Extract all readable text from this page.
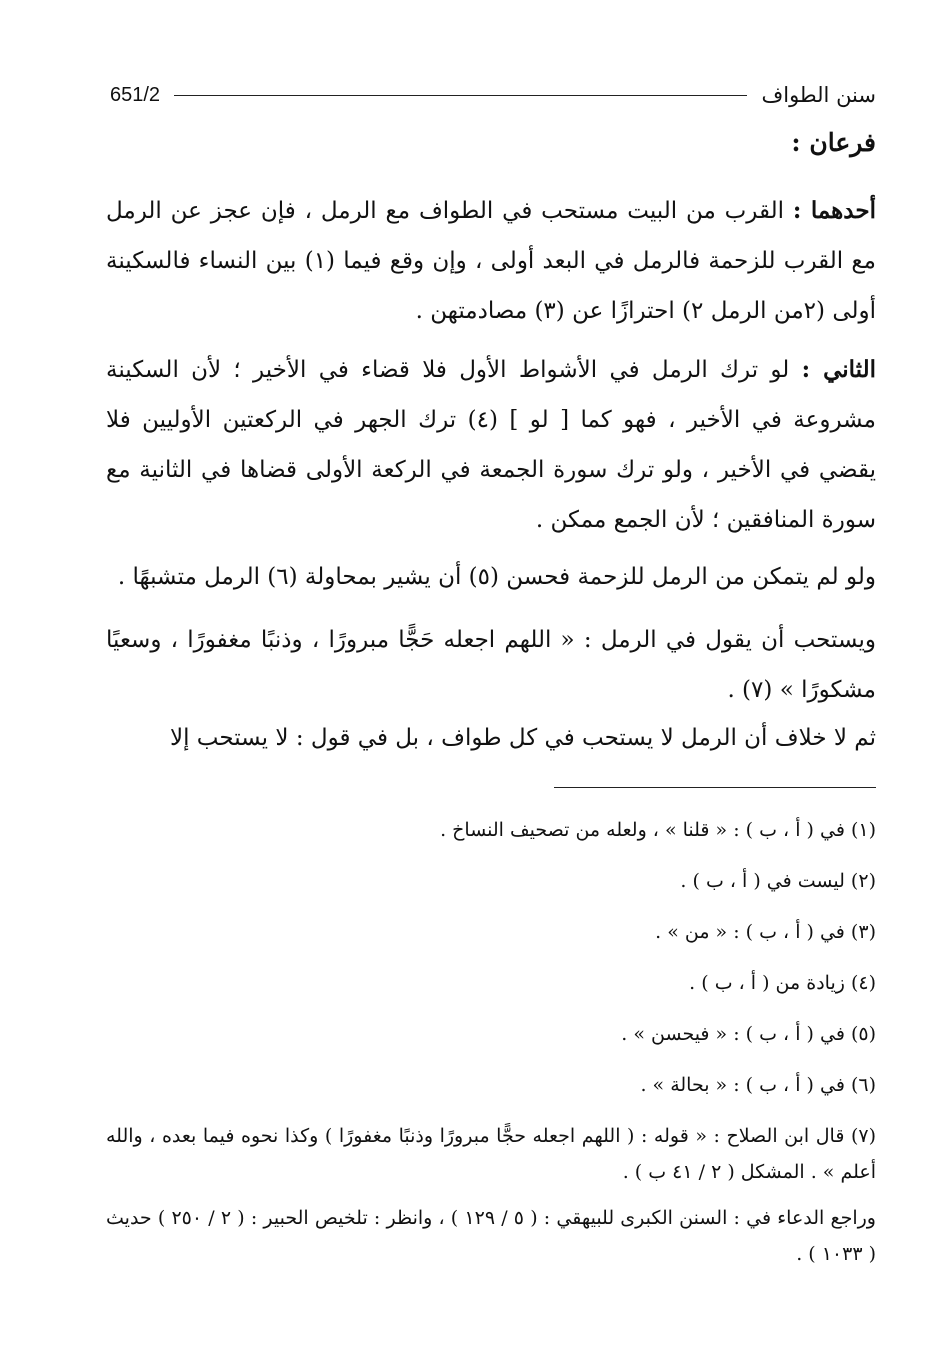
سنن الطواف
651/2
فرعان :
أحدهما : القرب من البيت مستحب في الطواف مع الرمل ، فإن عجز عن الرمل مع القرب للزحمة فالرمل في البعد أولى ، وإن وقع فيما (١) بين النساء فالسكينة أولى (٢من الرمل ٢) احترازًا عن (٣) مصادمتهن .
الثاني : لو ترك الرمل في الأشواط الأول فلا قضاء في الأخير ؛ لأن السكينة مشروعة في الأخير ، فهو كما [ لو ] (٤) ترك الجهر في الركعتين الأوليين فلا يقضي في الأخير ، ولو ترك سورة الجمعة في الركعة الأولى قضاها في الثانية مع سورة المنافقين ؛ لأن الجمع ممكن .
ولو لم يتمكن من الرمل للزحمة فحسن (٥) أن يشير بمحاولة (٦) الرمل متشبهًا .
ويستحب أن يقول في الرمل : « اللهم اجعله حَجًّا مبرورًا ، وذنبًا مغفورًا ، وسعيًا مشكورًا » (٧) .
ثم لا خلاف أن الرمل لا يستحب في كل طواف ، بل في قول : لا يستحب إلا
(١) في ( أ ، ب ) : « قلنا » ، ولعله من تصحيف النساخ .
(٢) ليست في ( أ ، ب ) .
(٣) في ( أ ، ب ) : « من » .
(٤) زيادة من ( أ ، ب ) .
(٥) في ( أ ، ب ) : « فيحسن » .
(٦) في ( أ ، ب ) : « بحالة » .
(٧) قال ابن الصلاح : « قوله : ( اللهم اجعله حجًّا مبرورًا وذنبًا مغفورًا ) وكذا نحوه فيما بعده ، والله أعلم » . المشكل ( ٢ / ٤١ ب ) .
وراجع الدعاء في : السنن الكبرى للبيهقي : ( ٥ / ١٢٩ ) ، وانظر : تلخيص الحبير : ( ٢ / ٢٥٠ ) حديث ( ١٠٣٣ ) .
